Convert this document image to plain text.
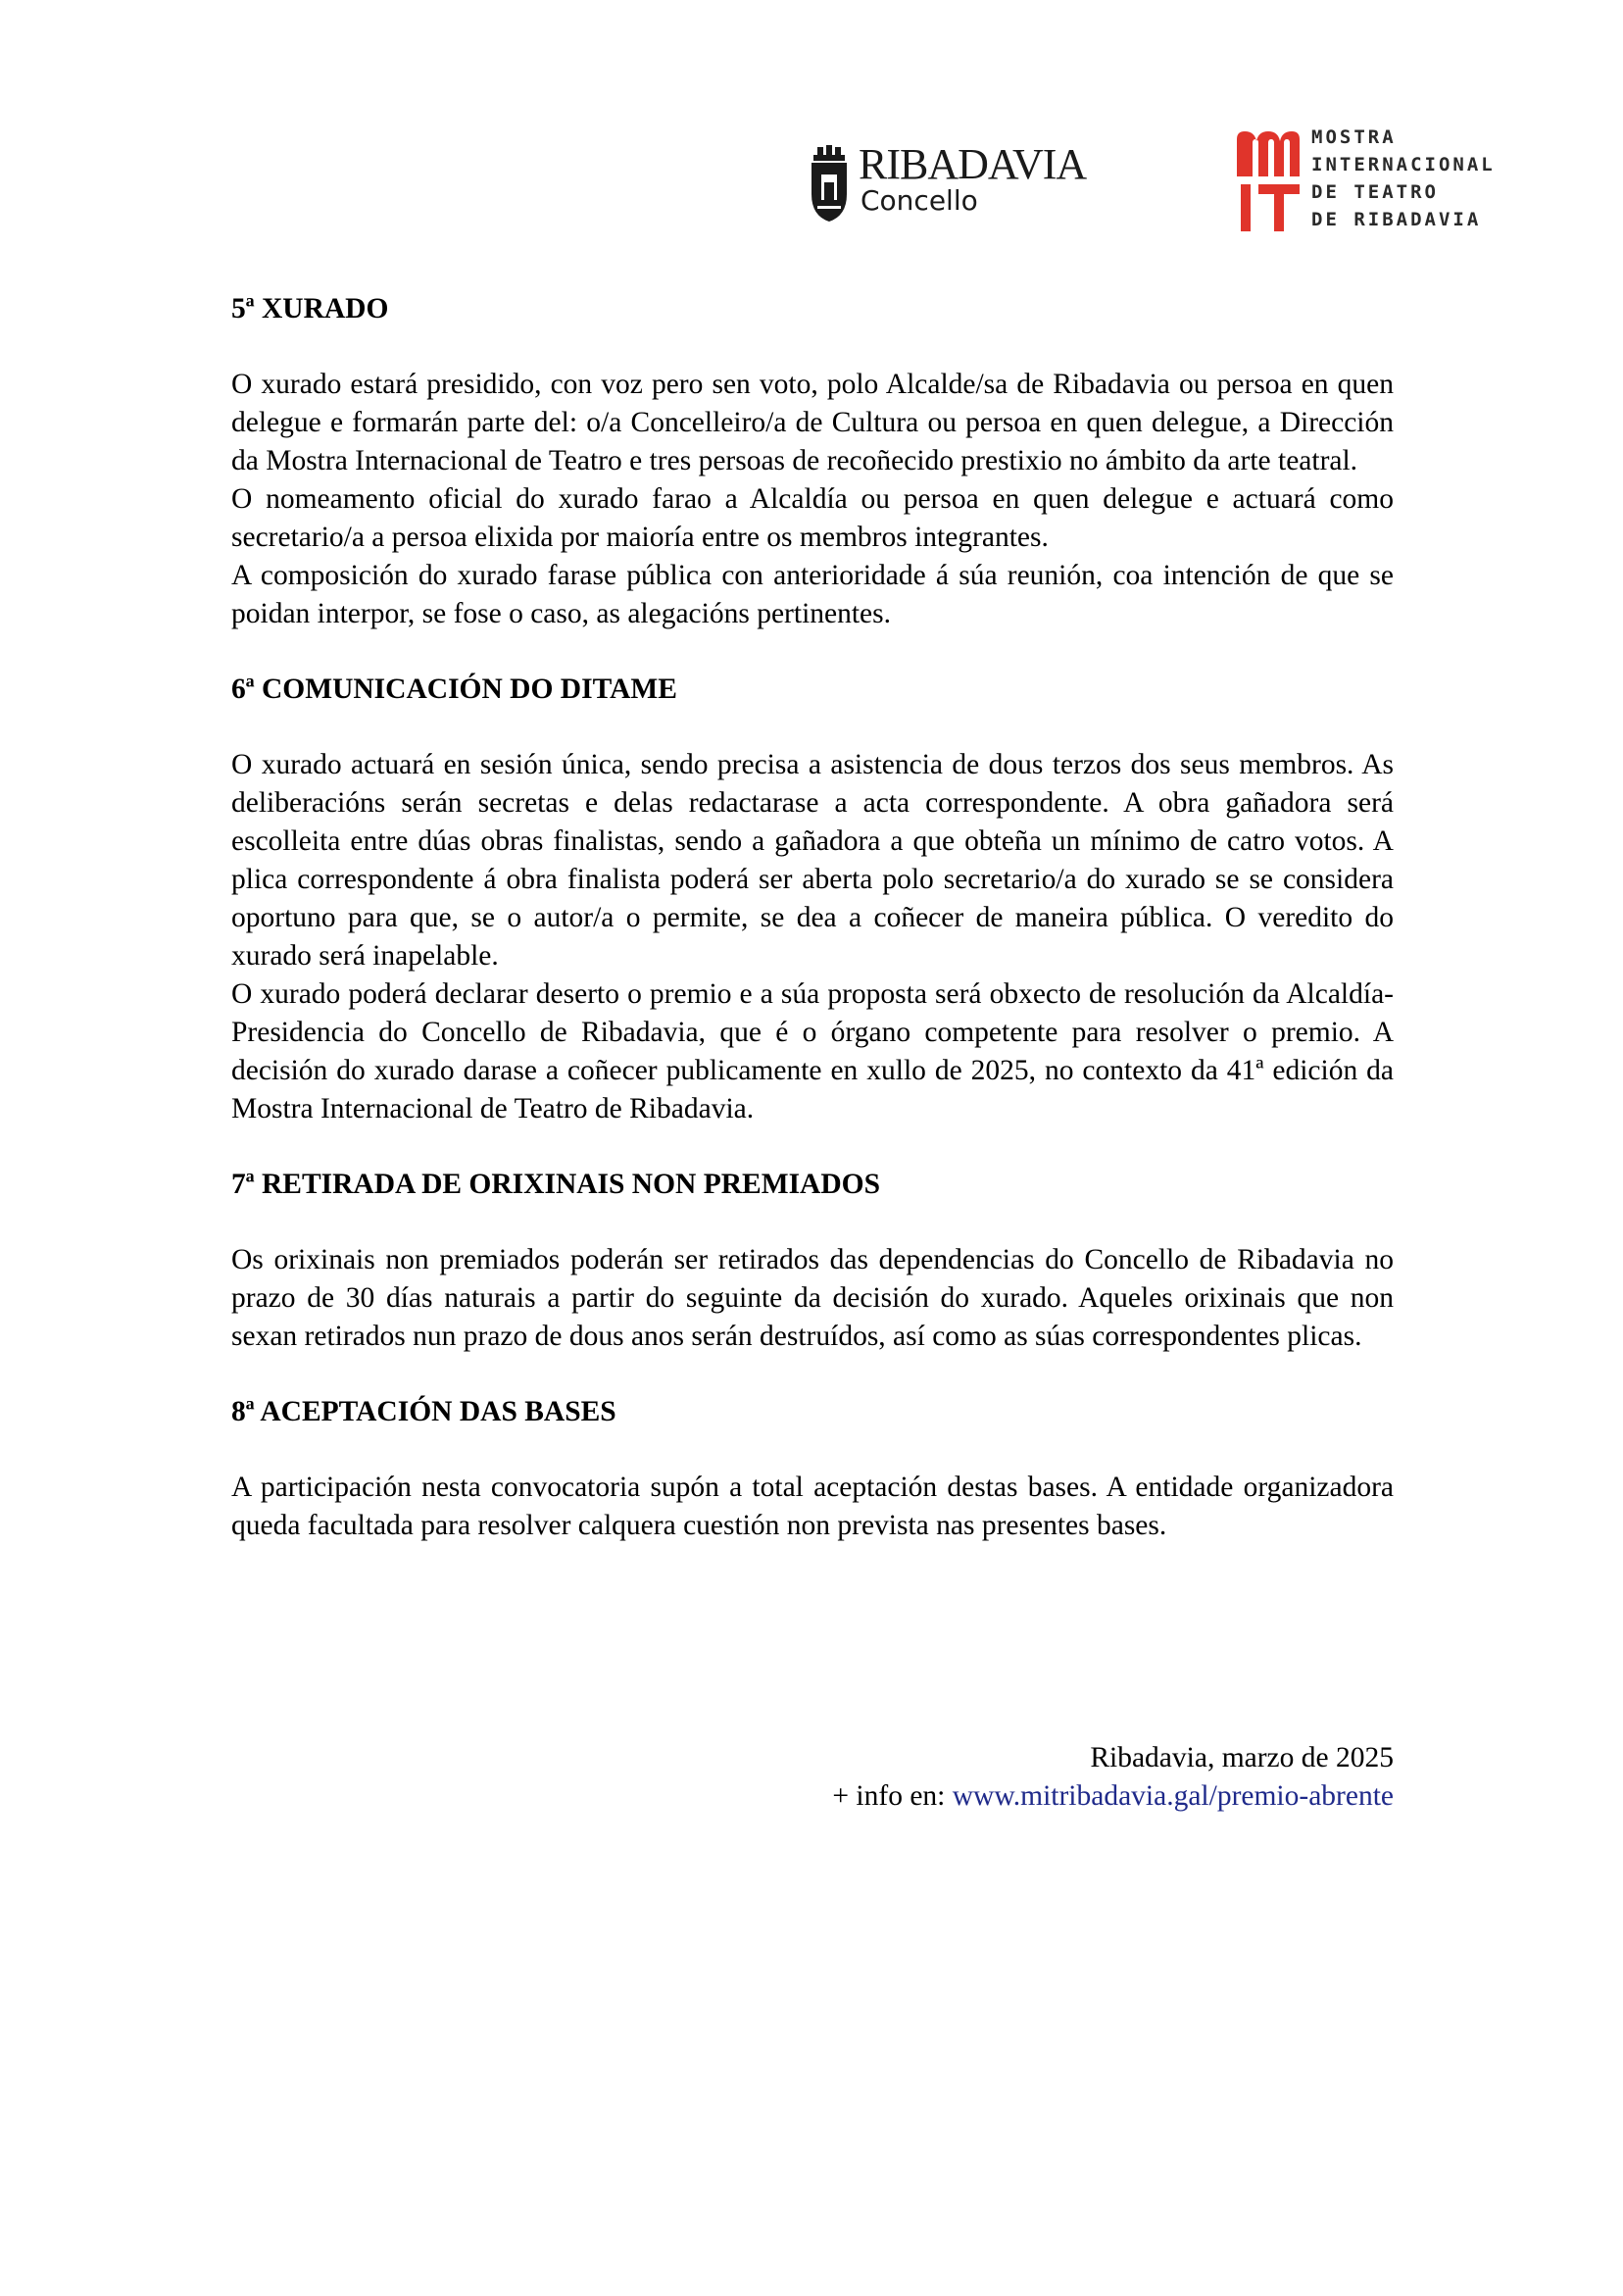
RIBADAVIA
Concello
MOSTRA
INTERNACIONAL
DE TEATRO
DE RIBADAVIA
5ª XURADO

O xurado estará presidido, con voz pero sen voto, polo Alcalde/sa de Ribadavia ou persoa en quen delegue e formarán parte del: o/a Concelleiro/a de Cultura ou persoa en quen delegue, a Dirección da Mostra Internacional de Teatro e tres persoas de recoñecido prestixio no ámbito da arte teatral.

O nomeamento oficial do xurado farao a Alcaldía ou persoa en quen delegue e actuará como secretario/a a persoa elixida por maioría entre os membros integrantes.

A composición do xurado farase pública con anterioridade á súa reunión, coa intención de que se poidan interpor, se fose o caso, as alegacións pertinentes.

6ª COMUNICACIÓN DO DITAME

O xurado actuará en sesión única, sendo precisa a asistencia de dous terzos dos seus membros. As deliberacións serán secretas e delas redactarase a acta correspondente. A obra gañadora será escolleita entre dúas obras finalistas, sendo a gañadora a que obteña un mínimo de catro votos. A plica correspondente á obra finalista poderá ser aberta polo secretario/a do xurado se se considera oportuno para que, se o autor/a o permite, se dea a coñecer de maneira pública. O veredito do xurado será inapelable.

O xurado poderá declarar deserto o premio e a súa proposta será obxecto de resolución da Alcaldía-Presidencia do Concello de Ribadavia, que é o órgano competente para resolver o premio. A decisión do xurado darase a coñecer publicamente en xullo de 2025, no contexto da 41ª edición da Mostra Internacional de Teatro de Ribadavia.

7ª RETIRADA DE ORIXINAIS NON PREMIADOS

Os orixinais non premiados poderán ser retirados das dependencias do Concello de Ribadavia no prazo de 30 días naturais a partir do seguinte da decisión do xurado. Aqueles orixinais que non sexan retirados nun prazo de dous anos serán destruídos, así como as súas correspondentes plicas.

8ª ACEPTACIÓN DAS BASES

A participación nesta convocatoria supón a total aceptación destas bases. A entidade organizadora queda facultada para resolver calquera cuestión non prevista nas presentes bases.

Ribadavia, marzo de 2025
+ info en: www.mitribadavia.gal/premio-abrente
